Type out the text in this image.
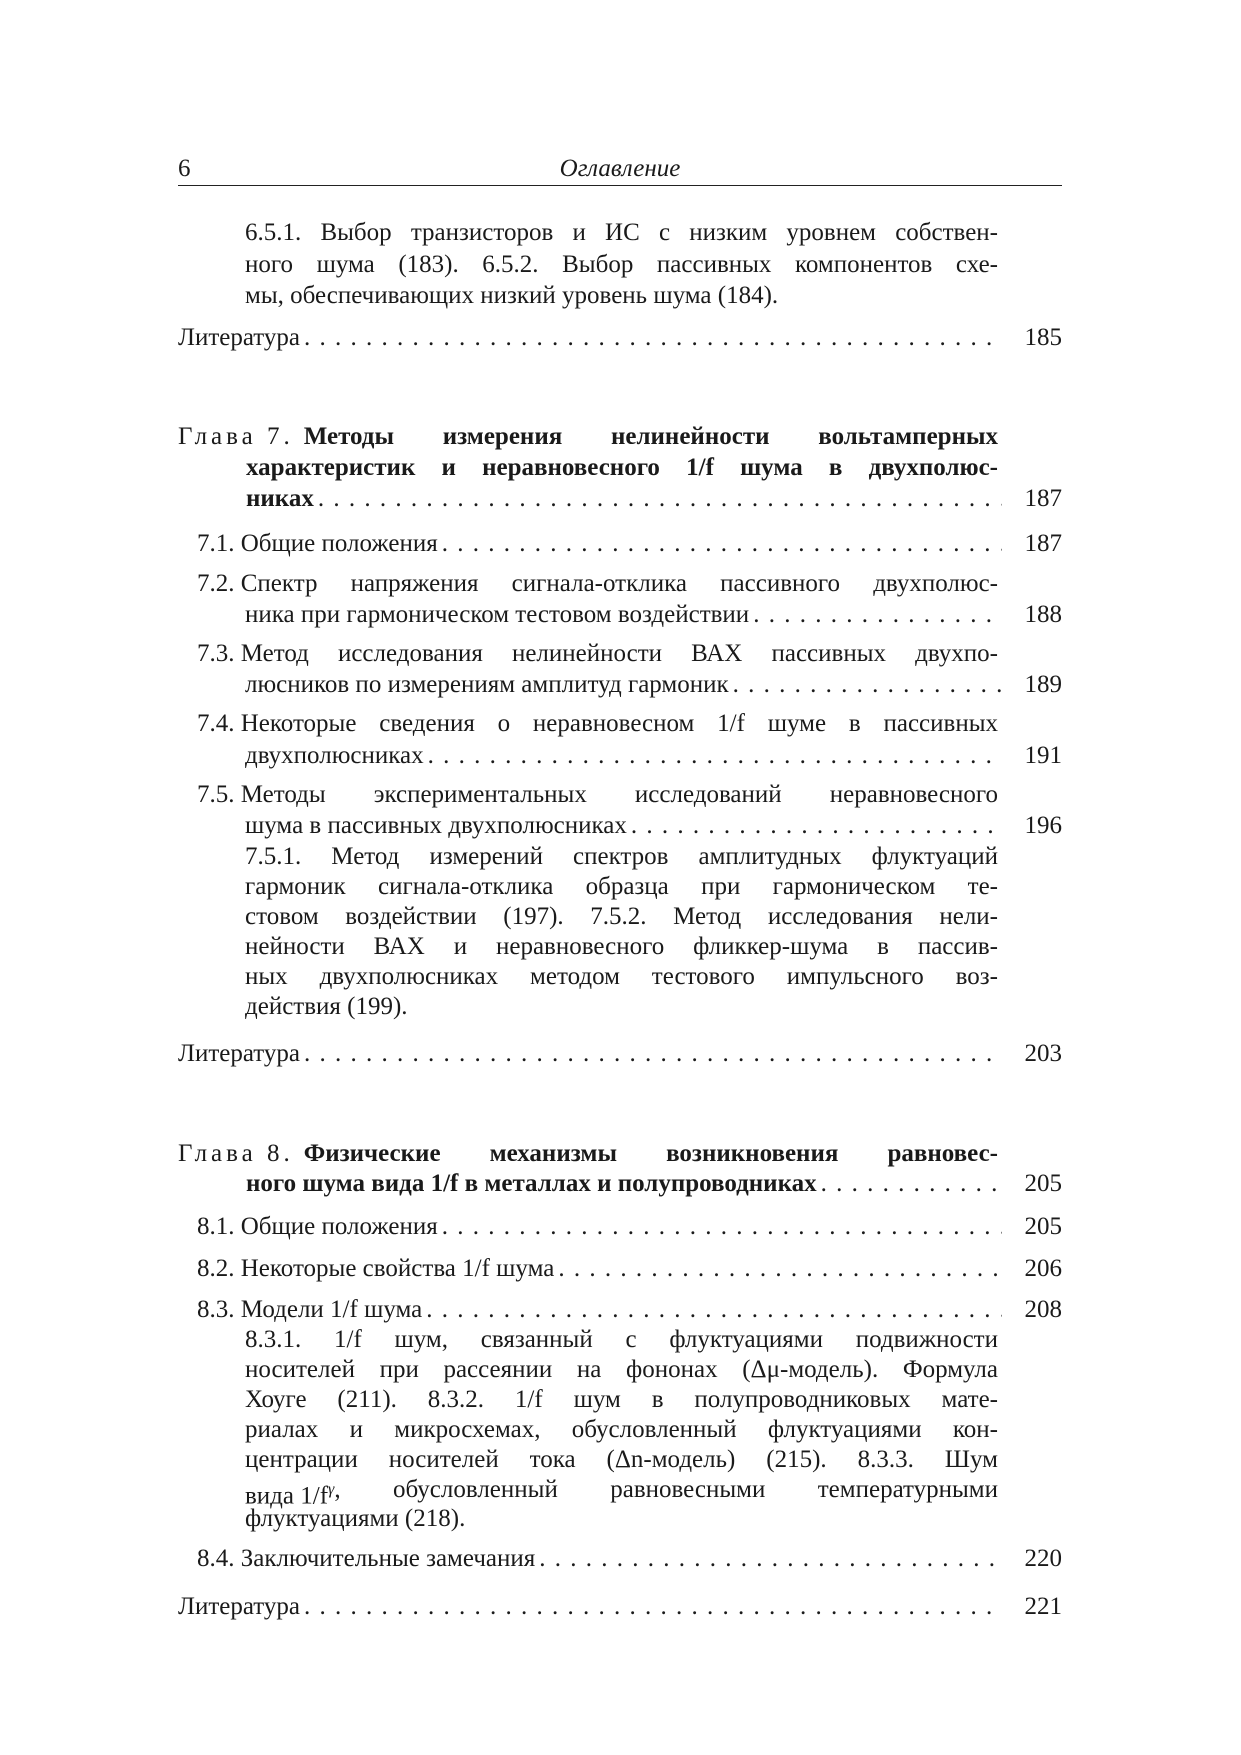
6	Оглавление
6.5.1. Выбор транзисторов и ИС с низким уровнем собствен-
ного шума (183). 6.5.2. Выбор пассивных компонентов схе-
мы, обеспечивающих низкий уровень шума (184).
Литература . . .	185
Глава 7. Методы измерения нелинейности вольтамперных
характеристик и неравновесного 1/f шума в двухполюс-
никах . . .	187
7.1.
Общие положения . . .	187
7.2.
Спектр напряжения сигнала-отклика пассивного двухполюс-
ника при гармоническом тестовом воздействии . . .	188
7.3.
Метод исследования нелинейности ВАХ пассивных двухпо-
люсников по измерениям амплитуд гармоник . . .	189
7.4.
Некоторые сведения о неравновесном 1/f шуме в пассивных
двухполюсниках . . .	191
7.5.
Методы экспериментальных исследований неравновесного
шума в пассивных двухполюсниках . . .	196
7.5.1. Метод измерений спектров амплитудных флуктуаций
гармоник сигнала-отклика образца при гармоническом те-
стовом воздействии (197). 7.5.2. Метод исследования нели-
нейности ВАХ и неравновесного фликкер-шума в пассив-
ных двухполюсниках методом тестового импульсного воз-
действия (199).
Литература . . .	203
Глава 8. Физические механизмы возникновения равновес-
ного шума вида 1/f в металлах и полупроводниках . . .	205
8.1.
Общие положения . . .	205
8.2.
Некоторые свойства 1/f шума . . .	206
8.3.
Модели 1/f шума . . .	208
8.3.1. 1/f шум, связанный с флуктуациями подвижности
носителей при рассеянии на фононах (Δμ-модель). Формула
Хоуге (211). 8.3.2. 1/f шум в полупроводниковых мате-
риалах и микросхемах, обусловленный флуктуациями кон-
центрации носителей тока (Δn-модель) (215). 8.3.3. Шум
вида $1/f^\gamma$ , обусловленный равновесными температурными
флуктуациями (218).
8.4.
Заключительные замечания . . .	220
Литература . . .	221
